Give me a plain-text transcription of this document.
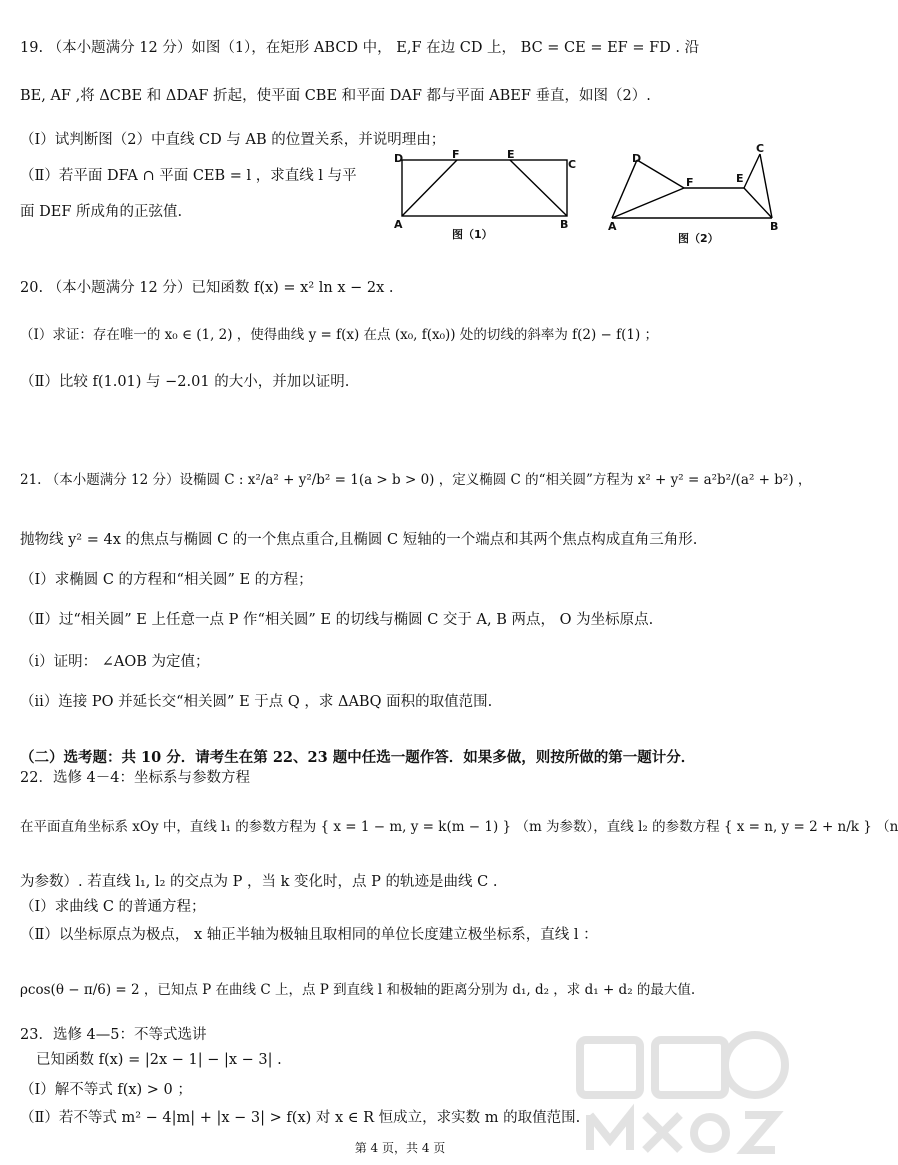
19. （本小题满分 12 分）如图（1），在矩形 ABCD 中， E,F 在边 CD 上， BC = CE = EF = FD . 沿
BE, AF ,将 ΔCBE 和 ΔDAF 折起，使平面 CBE 和平面 DAF 都与平面 ABEF 垂直，如图（2）.
（Ⅰ）试判断图（2）中直线 CD 与 AB 的位置关系，并说明理由；
（Ⅱ）若平面 DFA ∩ 平面 CEB = l ，求直线 l 与平
面 DEF 所成角的正弦值.
D	F	E
C
A	B
图（1）
D
F	E
C
A	B
图（2）
20. （本小题满分 12 分）已知函数 f(x) = x² ln x − 2x .
（Ⅰ）求证：存在唯一的 x₀ ∈ (1, 2) ，使得曲线 y = f(x) 在点 (x₀, f(x₀)) 处的切线的斜率为 f(2) − f(1) ；
（Ⅱ）比较 f(1.01) 与 −2.01 的大小，并加以证明.
21. （本小题满分 12 分）设椭圆 C : x²/a² + y²/b² = 1(a > b > 0) ，定义椭圆 C 的“相关圆”方程为 x² + y² = a²b²/(a² + b²) ，
抛物线 y² = 4x 的焦点与椭圆 C 的一个焦点重合,且椭圆 C 短轴的一个端点和其两个焦点构成直角三角形.
（Ⅰ）求椭圆 C 的方程和“相关圆” E 的方程；
（Ⅱ）过“相关圆” E 上任意一点 P 作“相关圆” E 的切线与椭圆 C 交于 A, B 两点， O 为坐标原点.
（ⅰ）证明： ∠AOB 为定值；
（ⅱ）连接 PO 并延长交“相关圆” E 于点 Q ，求 ΔABQ 面积的取值范围.
（二）选考题：共 10 分．请考生在第 22、23 题中任选一题作答．如果多做，则按所做的第一题计分．
22．选修 4－4：坐标系与参数方程
在平面直角坐标系 xOy 中，直线 l₁ 的参数方程为 { x = 1 − m, y = k(m − 1) } （m 为参数），直线 l₂ 的参数方程 { x = n, y = 2 + n/k } （n
为参数）. 若直线 l₁, l₂ 的交点为 P ，当 k 变化时，点 P 的轨迹是曲线 C .
（Ⅰ）求曲线 C 的普通方程；
（Ⅱ）以坐标原点为极点， x 轴正半轴为极轴且取相同的单位长度建立极坐标系，直线 l ：
ρcos(θ − π/6) = 2 ，已知点 P 在曲线 C 上，点 P 到直线 l 和极轴的距离分别为 d₁, d₂ ，求 d₁ + d₂ 的最大值.
23．选修 4—5：不等式选讲
已知函数 f(x) = |2x − 1| − |x − 3| .
（Ⅰ）解不等式 f(x) > 0 ；
（Ⅱ）若不等式 m² − 4|m| + |x − 3| > f(x) 对 x ∈ R 恒成立，求实数 m 的取值范围.
第 4 页，共 4 页
